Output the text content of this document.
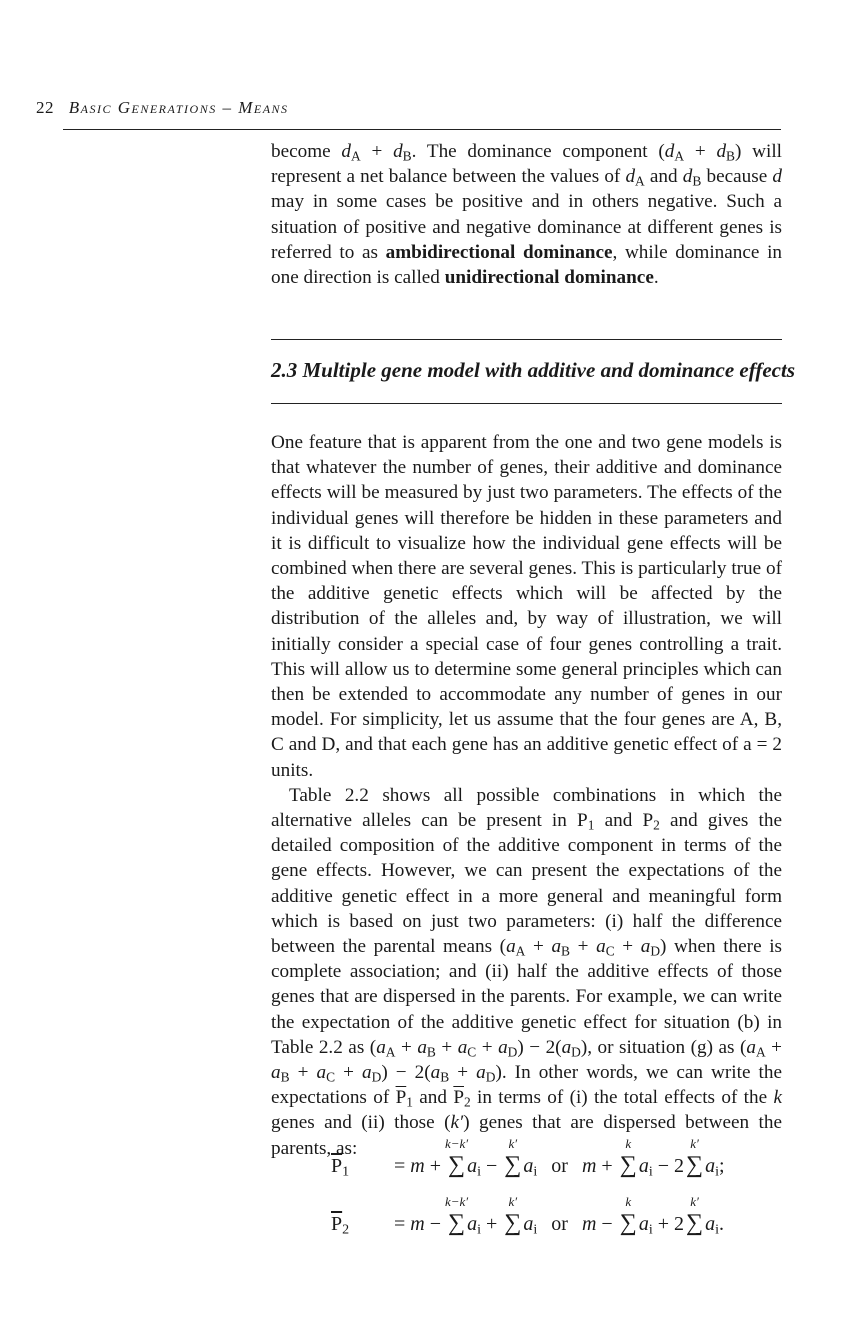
22 Basic Generations – Means

become $d_A + d_B$. The dominance component $(d_A + d_B)$ will represent a net balance between the values of $d_A$ and $d_B$ because d may in some cases be positive and in others negative. Such a situation of positive and negative dominance at different genes is referred to as ambidirectional dominance, while dominance in one direction is called unidirectional dominance.

2.3 Multiple gene model with additive and dominance effects

One feature that is apparent from the one and two gene models is that whatever the number of genes, their additive and dominance effects will be measured by just two parameters. The effects of the individual genes will therefore be hidden in these parameters and it is difficult to visualize how the individual gene effects will be combined when there are several genes. This is particularly true of the additive genetic effects which will be affected by the distribution of the alleles and, by way of illustration, we will initially consider a special case of four genes controlling a trait. This will allow us to determine some general principles which can then be extended to accommodate any number of genes in our model. For simplicity, let us assume that the four genes are A, B, C and D, and that each gene has an additive genetic effect of a = 2 units.

Table 2.2 shows all possible combinations in which the alternative alleles can be present in $P_1$ and $P_2$ and gives the detailed composition of the additive component in terms of the gene effects. However, we can present the expectations of the additive genetic effect in a more general and meaningful form which is based on just two parameters: (i) half the difference between the parental means $(a_A + a_B + a_C + a_D)$ when there is complete association; and (ii) half the additive effects of those genes that are dispersed in the parents. For example, we can write the expectation of the additive genetic effect for situation (b) in Table 2.2 as $(a_A + a_B + a_C + a_D) - 2(a_D)$, or situation (g) as $(a_A + a_B + a_C + a_D) - 2(a_B + a_D)$. In other words, we can write the expectations of $\overline{P}_1$ and $\overline{P}_2$ in terms of (i) the total effects of the k genes and (ii) those (k′) genes that are dispersed between the parents, as:

$\overline{P}_1 = m$ +
k−k′
∑ $a_i$ −
k′
∑ $a_i$ or m +
k
∑ $a_i - 2$
k′
∑ $a_i$;
$\overline{P}_2 = m$ −
k−k′
∑ $a_i$ +
k′
∑ $a_i$ or m −
k
∑ $a_i + 2$
k′
∑ $a_i$.
